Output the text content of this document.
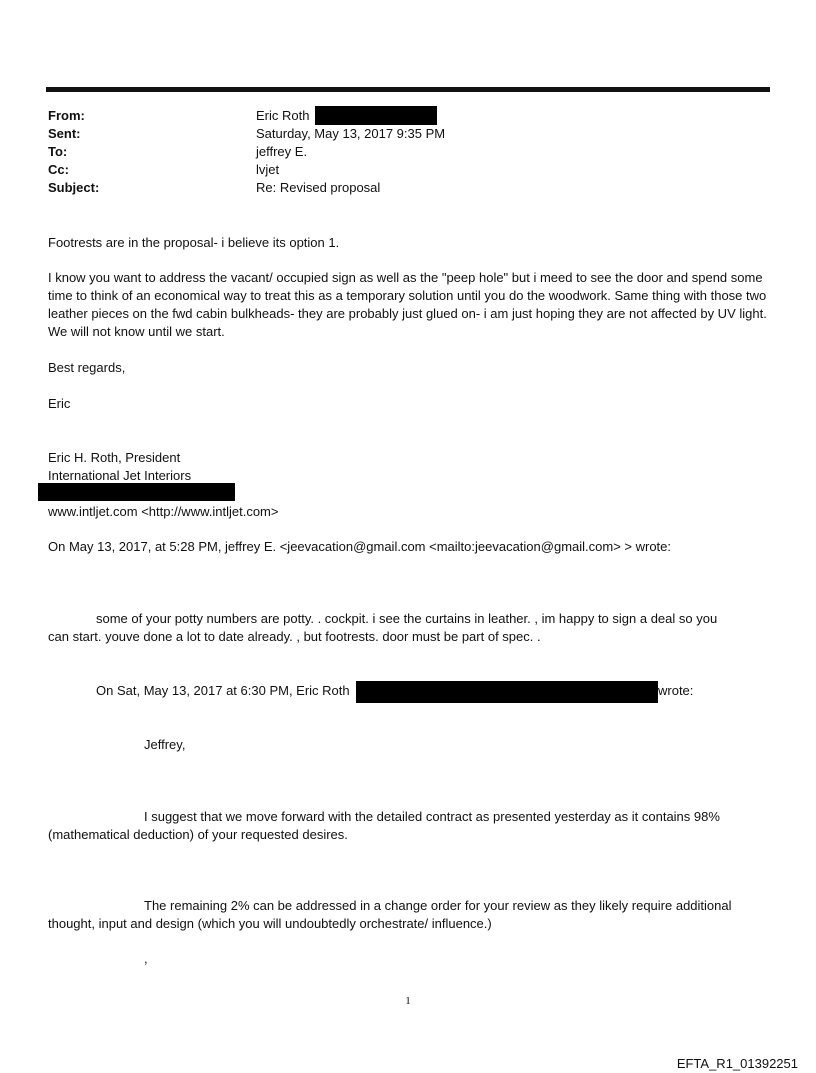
From:	Eric Roth
Sent:	Saturday, May 13, 2017 9:35 PM
To:	jeffrey E.
Cc:	lvjet
Subject:	Re: Revised proposal
Footrests are in the proposal- i believe its option 1.
I know you want to address the vacant/ occupied sign as well as the "peep hole" but i meed to see the door and spend some time to think of an economical way to treat this as a temporary solution until you do the woodwork. Same thing with those two leather pieces on the fwd cabin bulkheads- they are probably just glued on- i am just hoping they are not affected by UV light. We will not know until we start.
Best regards,
Eric
Eric H. Roth, President
International Jet Interiors
www.intljet.com <http://www.intljet.com>
On May 13, 2017, at 5:28 PM, jeffrey E. <jeevacation@gmail.com <mailto:jeevacation@gmail.com> > wrote:
some of your potty numbers are potty. . cockpit. i see the curtains in leather. , im happy to sign a deal so you
can start. youve done a lot to date already. , but footrests. door must be part of spec. .
On Sat, May 13, 2017 at 6:30 PM, Eric Roth	wrote:
Jeffrey,
I suggest that we move forward with the detailed contract as presented yesterday as it contains 98%
(mathematical deduction) of your requested desires.
The remaining 2% can be addressed in a change order for your review as they likely require additional
thought, input and design (which you will undoubtedly orchestrate/ influence.)
,
1
EFTA_R1_01392251
